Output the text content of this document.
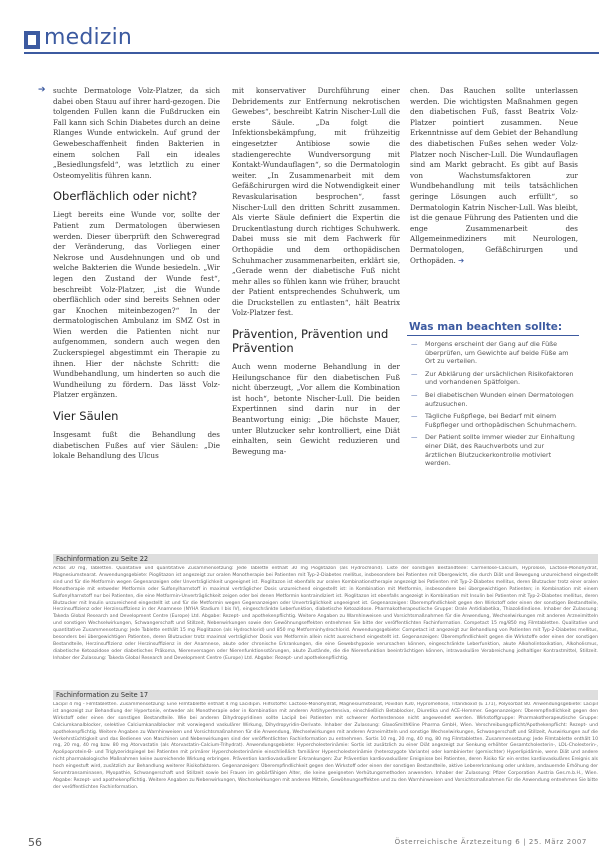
medizin
➔ suchte Dermatologe Volz-Platzer, da sich dabei oben Stauu auf ihrer hard-gezogen. Die tolgenden Fullen kann die Fußdrucken ein Fall kann sich Schin Diabetes durch an deine Rlanges Wunde entwickeln. Auf grund der Gewebeschaffenheit finden Bakterien in einem solchen Fall ein ideales „Besiedlungsfeld“, was letztlich zu einer Osteomyelitis führen kann.

Oberflächlich oder nicht?

Liegt bereits eine Wunde vor, sollte der Patient zum Dermatologen überwiesen werden. Dieser überprüft den Schweregrad der Veränderung, das Vorliegen einer Nekrose und Ausdehnungen und ob und welche Bakterien die Wunde besiedeln. „Wir legen den Zustand der Wunde fest“, beschreibt Volz-Platzer, „ist die Wunde oberflächlich oder sind bereits Sehnen oder gar Knochen miteinbezogen?“ In der dermatologischen Ambulanz im SMZ Ost in Wien werden die Patienten nicht nur aufgenommen, sondern auch wegen den Zuckerspiegel abgestimmt ein Therapie zu ihnen. Hier der nächste Schritt: die Wundbehandlung, um hinderten so auch die Wundheilung zu fördern. Das lässt Volz-Platzer ergänzen.

Vier Säulen

Insgesamt fußt die Behandlung des diabetischen Fußes auf vier Säulen: „Die lokale Behandlung des Ulcus

mit konservativer Durchführung einer Debridements zur Entfernung nekrotischen Gewebes“, beschreibt Katrin Nischer-Lull die erste Säule. „Da folgt die Infektionsbekämpfung, mit frühzeitig eingesetzter Antibiose sowie die stadiengerechte Wundversorgung mit Kontakt-Wundauflagen“, so die Dermatologin weiter. „In Zusammenarbeit mit dem Gefäßchirurgen wird die Notwendigkeit einer Revaskularisation besprochen“, fasst Nischer-Lull den dritten Schritt zusammen. Als vierte Säule definiert die Expertin die Druckentlastung durch richtiges Schuhwerk. Dabei muss sie mit dem Fachwerk für Orthopädie und dem orthopädischen Schuhmacher zusammenarbeiten, erklärt sie, „Gerade wenn der diabetische Fuß nicht mehr alles so fühlen kann wie früher, braucht der Patient entsprechendes Schuhwerk, um die Druckstellen zu entlasten“, hält Beatrix Volz-Platzer fest.

Prävention, Prävention und Prävention

Auch wenn moderne Behandlung in der Heilungschance für den diabetischen Fuß nicht überzeugt, „Vor allem die Kombination ist hoch“, betonte Nischer-Lull. Die beiden Expertinnen sind darin nur in der Beantwortung einig: „Die höchste Mauer, unter Blutzucker sehr kontrolliert, eine Diät einhalten, sein Gewicht reduzieren und Bewegung ma-

chen. Das Rauchen sollte unterlassen werden. Die wichtigsten Maßnahmen gegen den diabetischen Fuß, fasst Beatrix Volz-Platzer pointiert zusammen. Neue Erkenntnisse auf dem Gebiet der Behandlung des diabetischen Fußes sehen weder Volz-Platzer noch Nischer-Lull. Die Wundauflagen sind am Markt gebracht. Es gibt auf Basis von Wachstumsfaktoren zur Wundbehandlung mit teils tatsächlichen geringe Lösungen auch erfüllt“, so Dermatologin Katrin Nischer-Lull. Was bleibt, ist die genaue Führung des Patienten und die enge Zusammenarbeit des Allgemeinmediziners mit Neurologen, Dermatologen, Gefäßchirurgen und Orthopäden. ➔

Was man beachten sollte:
— Morgens erscheint der Gang auf die Füße überprüfen, um Gewichte auf beide Füße am Ort zu verteilen.
— Zur Abklärung der ursächlichen Risikofaktoren und vorhandenen Spätfolgen.
— Bei diabetischen Wunden einen Dermatologen aufzusuchen.
— Tägliche Fußpflege, bei Bedarf mit einem Fußpfleger und orthopädischen Schuhmachern.
— Der Patient sollte immer wieder zur Einhaltung einer Diät, des Rauchverbots und zur ärztlichen Blutzuckerkontrolle motiviert werden.
Fachinformation zu Seite 22
Actos 30 mg, Tabletten. Qualitative und quantitative Zusammensetzung: Jede Tablette enthält 30 mg Pioglitazon (als Hydrochlorid). Liste der sonstigen Bestandteile: Carmellose-Calcium, Hyprolose, Lactose-Monohydrat, Magnesiumstearat. Anwendungsgebiete: Pioglitazon ist angezeigt zur oralen Monotherapie bei Patienten mit Typ-2-Diabetes mellitus, insbesondere bei Patienten mit Übergewicht, die durch Diät und Bewegung unzureichend eingestellt sind und für die Metformin wegen Gegenanzeigen oder Unverträglichkeit ungeeignet ist. Pioglitazon ist ebenfalls zur oralen Kombinationstherapie angezeigt bei Patienten mit Typ-2-Diabetes mellitus, deren Blutzucker trotz einer oralen Monotherapie mit entweder Metformin oder Sulfonylharnstoff in maximal verträglicher Dosis unzureichend eingestellt ist: in Kombination mit Metformin, insbesondere bei übergewichtigen Patienten; in Kombination mit einem Sulfonylharnstoff nur bei Patienten, die eine Metformin-Unverträglichkeit zeigen oder bei denen Metformin kontraindiziert ist. Pioglitazon ist ebenfalls angezeigt in Kombination mit Insulin bei Patienten mit Typ-2-Diabetes mellitus, deren Blutzucker mit Insulin unzureichend eingestellt ist und für die Metformin wegen Gegenanzeigen oder Unverträglichkeit ungeeignet ist. Gegenanzeigen: Überempfindlichkeit gegen den Wirkstoff oder einen der sonstigen Bestandteile, Herzinsuffizienz oder Herzinsuffizienz in der Anamnese (NYHA Stadium I bis IV), eingeschränkte Leberfunktion, diabetische Ketoazidose. Pharmakotherapeutische Gruppe: Orale Antidiabetika, Thiazolidindione. Inhaber der Zulassung: Takeda Global Research and Development Centre (Europe) Ltd. Abgabe: Rezept- und apothekenpflichtig. Weitere Angaben zu Warnhinweisen und Vorsichtsmaßnahmen für die Anwendung, Wechselwirkungen mit anderen Arzneimitteln und sonstigen Wechselwirkungen, Schwangerschaft und Stillzeit, Nebenwirkungen sowie den Gewöhnungseffekten entnehmen Sie bitte der veröffentlichten Fachinformation. Competact 15 mg/850 mg Filmtabletten. Qualitative und quantitative Zusammensetzung: Jede Tablette enthält 15 mg Pioglitazon (als Hydrochlorid) und 850 mg Metforminhydrochlorid. Anwendungsgebiete: Competact ist angezeigt zur Behandlung von Patienten mit Typ-2-Diabetes mellitus, besonders bei übergewichtigen Patienten, deren Blutzucker trotz maximal verträglicher Dosis von Metformin allein nicht ausreichend eingestellt ist. Gegenanzeigen: Überempfindlichkeit gegen die Wirkstoffe oder einen der sonstigen Bestandteile, Herzinsuffizienz oder Herzinsuffizienz in der Anamnese, akute oder chronische Erkrankungen, die eine Gewebshypoxie verursachen können, eingeschränkte Leberfunktion, akute Alkoholintoxikation, Alkoholismus, diabetische Ketoazidose oder diabetisches Präkoma, Nierenversagen oder Nierenfunktionsstörungen, akute Zustände, die die Nierenfunktion beeinträchtigen können, intravaskuläre Verabreichung jodhaltiger Kontrastmittel, Stillzeit. Inhaber der Zulassung: Takeda Global Research and Development Centre (Europe) Ltd. Abgabe: Rezept- und apothekenpflichtig.
Fachinformation zu Seite 17
Lacipil 4 mg - Filmtabletten. Zusammensetzung: Eine Filmtablette enthält 4 mg Lacidipin. Hilfsstoffe: Lactose-Monohydrat, Magnesiumstearat, Povidon K30, Hypromellose, Titandioxid (E 171), Polysorbat 80. Anwendungsgebiete: Lacipil ist angezeigt zur Behandlung der Hypertonie, entweder als Monotherapie oder in Kombination mit anderen Antihypertensiva, einschließlich Betablocker, Diuretika und ACE-Hemmer. Gegenanzeigen: Überempfindlichkeit gegen den Wirkstoff oder einen der sonstigen Bestandteile. Wie bei anderen Dihydropyridinen sollte Lacipil bei Patienten mit schwerer Aortenstenose nicht angewendet werden. Wirkstoffgruppe: Pharmakotherapeutische Gruppe: Calciumkanalblocker, selektive Calciumkanalblocker mit vorwiegend vaskulärer Wirkung, Dihydropyridin-Derivate. Inhaber der Zulassung: GlaxoSmithKline Pharma GmbH, Wien. Verschreibungspflicht/Apothekenpflicht: Rezept- und apothekenpflichtig. Weitere Angaben zu Warnhinweisen und Vorsichtsmaßnahmen für die Anwendung, Wechselwirkungen mit anderen Arzneimitteln und sonstige Wechselwirkungen, Schwangerschaft und Stillzeit, Auswirkungen auf die Verkehrstüchtigkeit und das Bedienen von Maschinen und Nebenwirkungen sind der veröffentlichten Fachinformation zu entnehmen. Sortis 10 mg, 20 mg, 40 mg, 80 mg Filmtabletten. Zusammensetzung: Jede Filmtablette enthält 10 mg, 20 mg, 40 mg bzw. 80 mg Atorvastatin (als Atorvastatin-Calcium-Trihydrat). Anwendungsgebiete: Hypercholesterinämie: Sortis ist zusätzlich zu einer Diät angezeigt zur Senkung erhöhter Gesamtcholesterin-, LDL-Cholesterin-, Apolipoprotein-B- und Triglyzeridspiegel bei Patienten mit primärer Hypercholesterinämie einschließlich familiärer Hypercholesterinämie (heterozygote Variante) oder kombinierter (gemischter) Hyperlipidämie, wenn Diät und andere nicht pharmakologische Maßnahmen keine ausreichende Wirkung erbringen. Prävention kardiovaskulärer Erkrankungen: Zur Prävention kardiovaskulärer Ereignisse bei Patienten, deren Risiko für ein erstes kardiovaskuläres Ereignis als hoch eingestuft wird, zusätzlich zur Behandlung weiterer Risikofaktoren. Gegenanzeigen: Überempfindlichkeit gegen den Wirkstoff oder einen der sonstigen Bestandteile, aktive Lebererkrankung oder unklare, andauernde Erhöhung der Serumtransaminasen, Myopathie, Schwangerschaft und Stillzeit sowie bei Frauen im gebärfähigen Alter, die keine geeigneten Verhütungsmethoden anwenden. Inhaber der Zulassung: Pfizer Corporation Austria Ges.m.b.H., Wien. Abgabe: Rezept- und apothekenpflichtig. Weitere Angaben zu Nebenwirkungen, Wechselwirkungen mit anderen Mitteln, Gewöhnungseffekten und zu den Warnhinweisen und Vorsichtsmaßnahmen für die Anwendung entnehmen Sie bitte der veröffentlichten Fachinformation.
56	Österreichische Ärztezeitung 6 | 25. März 2007
